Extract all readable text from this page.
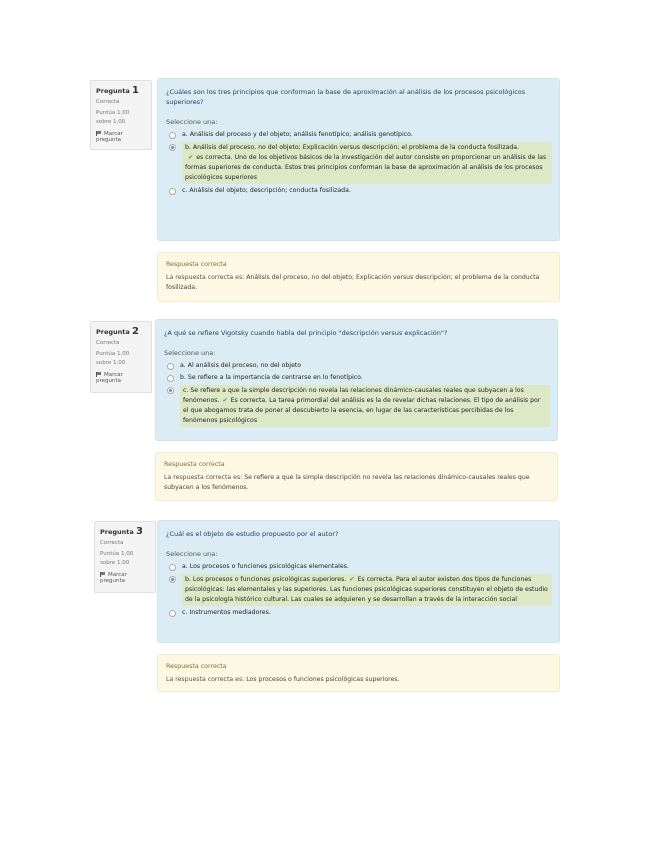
Pregunta 1
Correcta
Puntúa 1,00 sobre 1,00
Marcar pregunta
¿Cuáles son los tres principios que conforman la base de aproximación al análisis de los procesos psicológicos superiores?
Seleccione una:
a. Análisis del proceso y del objeto; análisis fenotípico; análisis genotípico.
b. Análisis del proceso, no del objeto; Explicación versus descripción; el problema de la conducta fosilizada.
✔ es correcta. Uno de los objetivos básicos de la investigación del autor consiste en proporcionar un análisis de las formas superiores de conducta. Estos tres principios conforman la base de aproximación al análisis de los procesos psicológicos superiores
c. Análisis del objeto; descripción; conducta fosilizada.
Respuesta correcta
La respuesta correcta es: Análisis del proceso, no del objeto; Explicación versus descripción; el problema de la conducta fosilizada.
Pregunta 2
Correcta
Puntúa 1,00 sobre 1,00
Marcar pregunta
¿A qué se refiere Vigotsky cuando habla del principio "descripción versus explicación"?
Seleccione una:
a. Al análisis del proceso, no del objeto
b. Se refiere a la importancia de centrarse en lo fenotípico.
c. Se refiere a que la simple descripción no revela las relaciones dinámico-causales reales que subyacen a los fenómenos. ✔ Es correcta. La tarea primordial del análisis es la de revelar dichas relaciones. El tipo de análisis por el que abogamos trata de poner al descubierto la esencia, en lugar de las características percibidas de los fenómenos psicológicos
Respuesta correcta
La respuesta correcta es: Se refiere a que la simple descripción no revela las relaciones dinámico-causales reales que subyacen a los fenómenos.
Pregunta 3
Correcta
Puntúa 1,00 sobre 1,00
Marcar pregunta
¿Cuál es el objeto de estudio propuesto por el autor?
Seleccione una:
a. Los procesos o funciones psicológicas elementales.
b. Los procesos o funciones psicológicas superiores. ✔ Es correcta. Para el autor existen dos tipos de funciones psicológicas: las elementales y las superiores. Las funciones psicológicas superiores constituyen el objeto de estudio de la psicología histórico cultural. Las cuales se adquieren y se desarrollan a través de la interacción social
c. Instrumentos mediadores.
Respuesta correcta
La respuesta correcta es: Los procesos o funciones psicológicas superiores.
